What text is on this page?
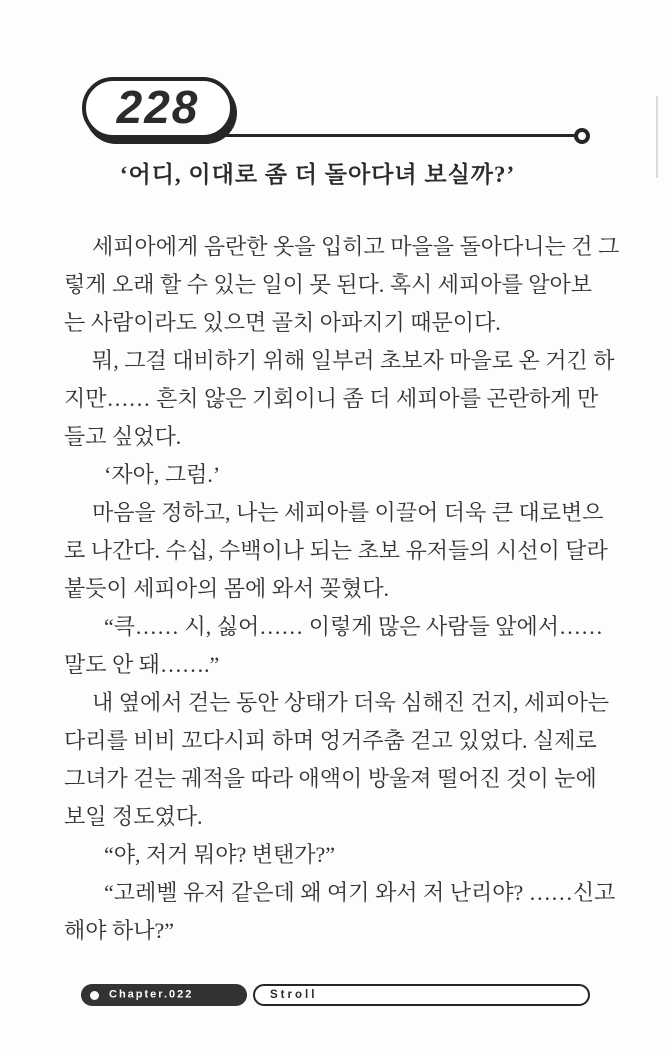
228
‘어디, 이대로 좀 더 돌아다녀 보실까?’
세피아에게 음란한 옷을 입히고 마을을 돌아다니는 건 그
렇게 오래 할 수 있는 일이 못 된다. 혹시 세피아를 알아보
는 사람이라도 있으면 골치 아파지기 때문이다.
뭐, 그걸 대비하기 위해 일부러 초보자 마을로 온 거긴 하
지만…… 흔치 않은 기회이니 좀 더 세피아를 곤란하게 만
들고 싶었다.
‘자아, 그럼.’
마음을 정하고, 나는 세피아를 이끌어 더욱 큰 대로변으
로 나간다. 수십, 수백이나 되는 초보 유저들의 시선이 달라
붙듯이 세피아의 몸에 와서 꽂혔다.
“큭…… 시, 싫어…… 이렇게 많은 사람들 앞에서……
말도 안 돼…….”
내 옆에서 걷는 동안 상태가 더욱 심해진 건지, 세피아는
다리를 비비 꼬다시피 하며 엉거주춤 걷고 있었다. 실제로
그녀가 걷는 궤적을 따라 애액이 방울져 떨어진 것이 눈에
보일 정도였다.
“야, 저거 뭐야? 변탠가?”
“고레벨 유저 같은데 왜 여기 와서 저 난리야? ……신고
해야 하나?”
Chapter.022	Stroll
